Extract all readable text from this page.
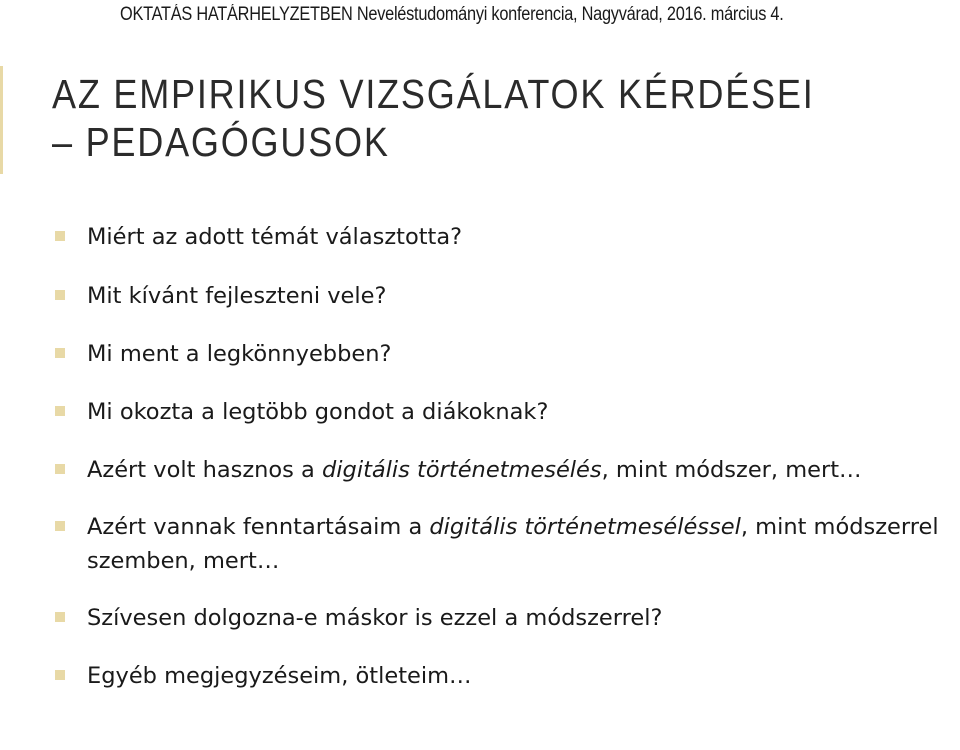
OKTATÁS HATÁRHELYZETBEN Neveléstudományi konferencia, Nagyvárad, 2016. március 4.
AZ EMPIRIKUS VIZSGÁLATOK KÉRDÉSEI – PEDAGÓGUSOK
Miért az adott témát választotta?
Mit kívánt fejleszteni vele?
Mi ment a legkönnyebben?
Mi okozta a legtöbb gondot a diákoknak?
Azért volt hasznos a digitális történetmesélés, mint módszer, mert…
Azért vannak fenntartásaim a digitális történetmeséléssel, mint módszerrel szemben, mert…
Szívesen dolgozna-e máskor is ezzel a módszerrel?
Egyéb megjegyzéseim, ötleteim…
